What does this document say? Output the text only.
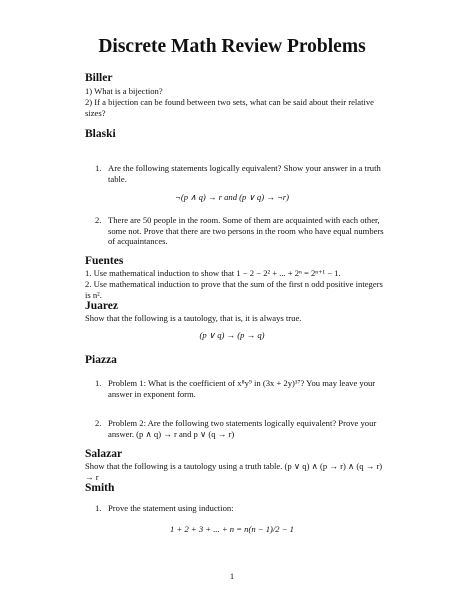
Discrete Math Review Problems
Biller
1) What is a bijection?
2) If a bijection can be found between two sets, what can be said about their relative sizes?
Blaski
1. Are the following statements logically equivalent? Show your answer in a truth table.
¬(p ∧ q) → r and (p ∨ q) → ¬r)
2. There are 50 people in the room. Some of them are acquainted with each other, some not. Prove that there are two persons in the room who have equal numbers of acquaintances.
Fuentes
1. Use mathematical induction to show that 1 − 2 − 2² + ... + 2ⁿ = 2ⁿ⁺¹ − 1.
2. Use mathematical induction to prove that the sum of the first n odd positive integers is n².
Juarez
Show that the following is a tautology, that is, it is always true.
(p ∨ q) → (p → q)
Piazza
1. Problem 1: What is the coefficient of x⁸y⁹ in (3x + 2y)¹⁷? You may leave your answer in exponent form.
2. Problem 2: Are the following two statements logically equivalent? Prove your answer. (p ∧ q) → r and p ∨ (q → r)
Salazar
Show that the following is a tautology using a truth table. (p ∨ q) ∧ (p → r) ∧ (q → r) → r
Smith
1. Prove the statement using induction:
1 + 2 + 3 + ... + n = n(n − 1)/2 − 1
1
